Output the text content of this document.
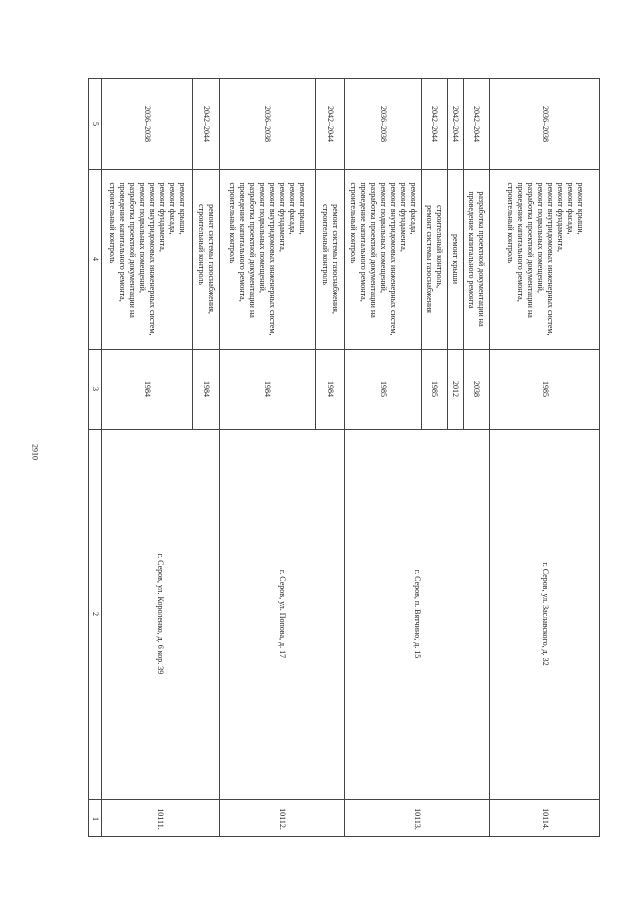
2910
5
4
3
2
1	10111.
г. Серов, ул. Короленко, д. 6 кор. 39
1984
ремонт крыши,
ремонт фасада,
ремонт фундамента,
ремонт внутридомовых инженерных систем,
ремонт подвальных помещений,
разработка проектной документации на
проведение капитального ремонта,
строительный контроль
2036–2038
1984
ремонт системы газоснабжения,
строительный контроль
2042–2044
10112.
г. Серов, ул. Попова, д. 17
1984
ремонт крыши,
ремонт фасада,
ремонт фундамента,
ремонт внутридомовых инженерных систем,
ремонт подвальных помещений,
разработка проектной документации на
проведение капитального ремонта,
строительный контроль
2036–2038
1984
ремонт системы газоснабжения,
строительный контроль
2042–2044
10113.
г. Серов, п. Вятчино, д. 15
1985
ремонт фасада,
ремонт фундамента,
ремонт внутридомовых инженерных систем,
ремонт подвальных помещений,
разработка проектной документации на
проведение капитального ремонта,
строительный контроль
2036–2038
1985
строительный контроль,
ремонт системы газоснабжения
2042–2044
2012
ремонт крыши
2042–2044
2038
разработка проектной документации на
проведение капитального ремонта
2042–2044
10114.
г. Серов, ул. Заславского, д. 32
1985
ремонт крыши,
ремонт фасада,
ремонт фундамента,
ремонт внутридомовых инженерных систем,
ремонт подвальных помещений,
разработка проектной документации на
проведение капитального ремонта,
строительный контроль
2036–2038
